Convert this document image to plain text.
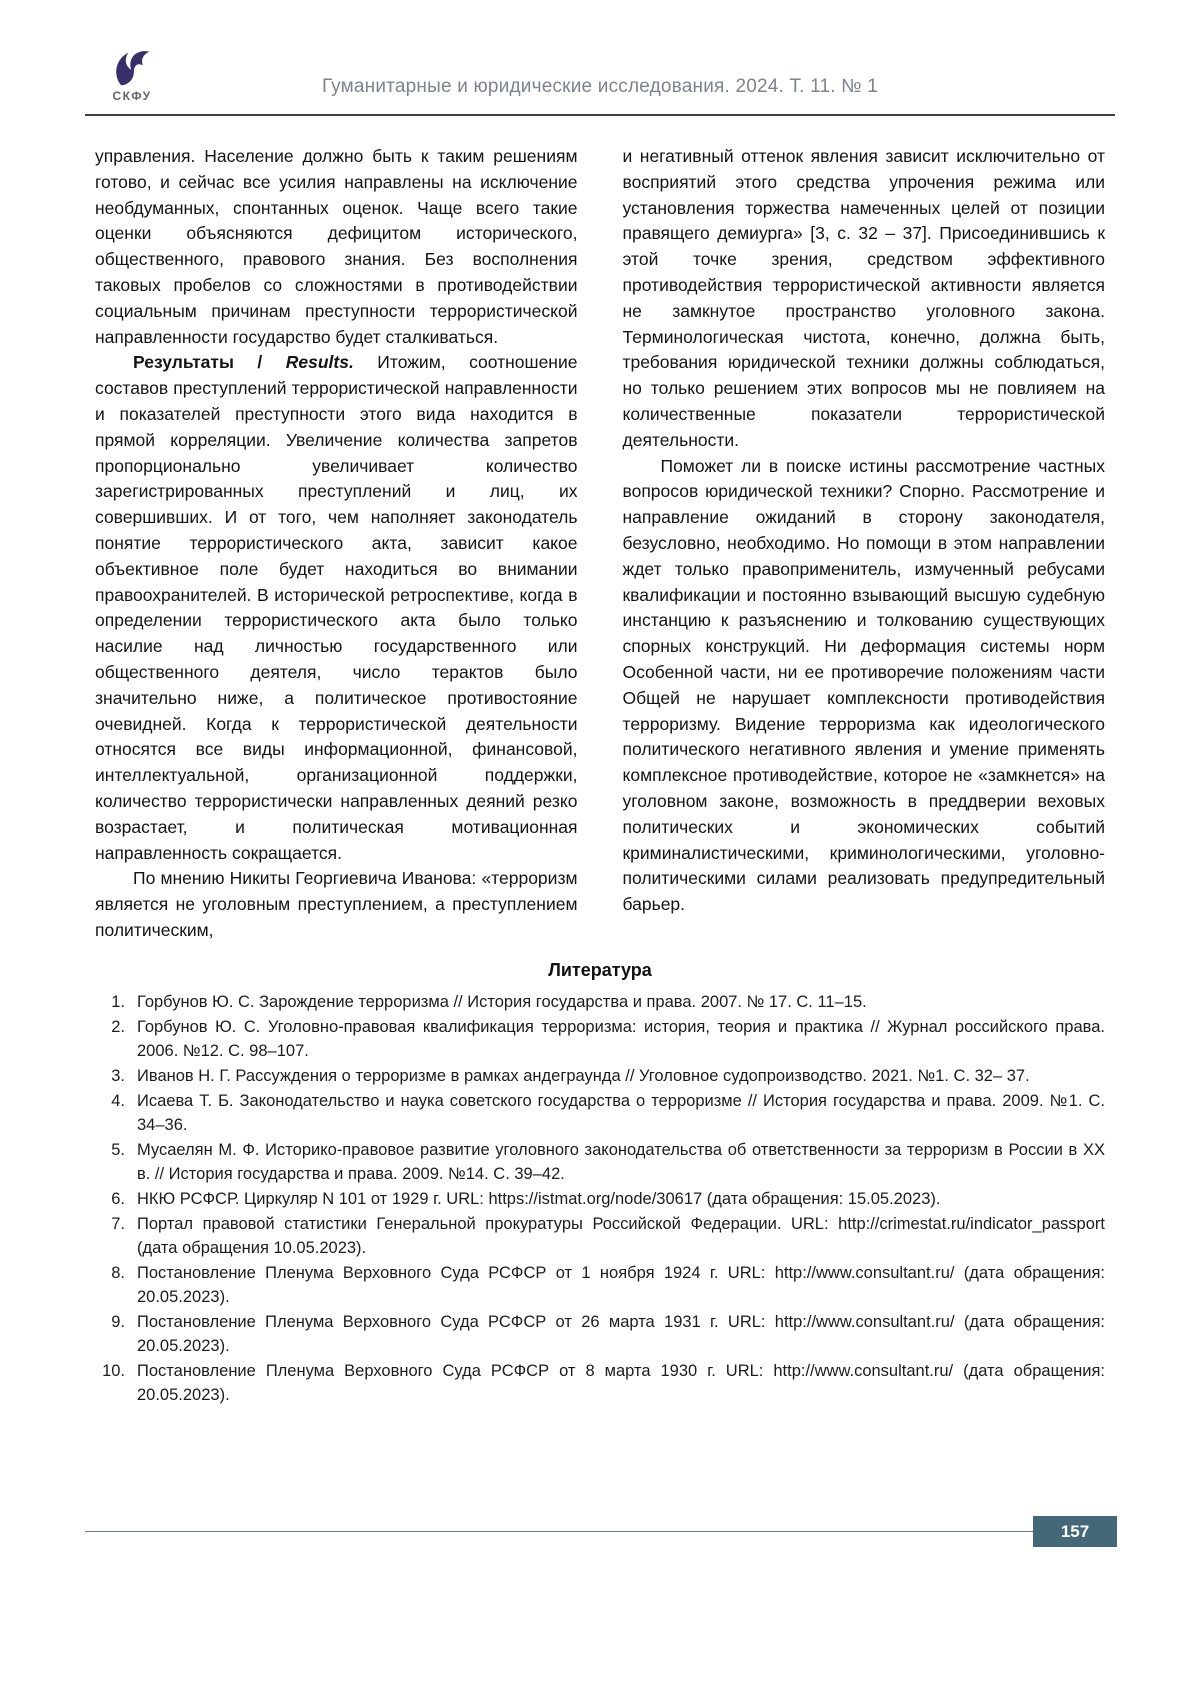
СКФУ	Гуманитарные и юридические исследования. 2024. Т. 11. № 1

управления. Население должно быть к таким решениям готово, и сейчас все усилия направлены на исключение необдуманных, спонтанных оценок. Чаще всего такие оценки объясняются дефицитом исторического, общественного, правового знания. Без восполнения таковых пробелов со сложностями в противодействии социальным причинам преступности террористической направленности государство будет сталкиваться.

Результаты / Results. Итожим, соотношение составов преступлений террористической направленности и показателей преступности этого вида находится в прямой корреляции. Увеличение количества запретов пропорционально увеличивает количество зарегистрированных преступлений и лиц, их совершивших. И от того, чем наполняет законодатель понятие террористического акта, зависит какое объективное поле будет находиться во внимании правоохранителей. В исторической ретроспективе, когда в определении террористического акта было только насилие над личностью государственного или общественного деятеля, число терактов было значительно ниже, а политическое противостояние очевидней. Когда к террористической деятельности относятся все виды информационной, финансовой, интеллектуальной, организационной поддержки, количество террористически направленных деяний резко возрастает, и политическая мотивационная направленность сокращается.

По мнению Никиты Георгиевича Иванова: «терроризм является не уголовным преступлением, а преступлением политическим,

и негативный оттенок явления зависит исключительно от восприятий этого средства упрочения режима или установления торжества намеченных целей от позиции правящего демиурга» [3, с. 32 – 37]. Присоединившись к этой точке зрения, средством эффективного противодействия террористической активности является не замкнутое пространство уголовного закона. Терминологическая чистота, конечно, должна быть, требования юридической техники должны соблюдаться, но только решением этих вопросов мы не повлияем на количественные показатели террористической деятельности.

Поможет ли в поиске истины рассмотрение частных вопросов юридической техники? Спорно. Рассмотрение и направление ожиданий в сторону законодателя, безусловно, необходимо. Но помощи в этом направлении ждет только правоприменитель, измученный ребусами квалификации и постоянно взывающий высшую судебную инстанцию к разъяснению и толкованию существующих спорных конструкций. Ни деформация системы норм Особенной части, ни ее противоречие положениям части Общей не нарушает комплексности противодействия терроризму. Видение терроризма как идеологического политического негативного явления и умение применять комплексное противодействие, которое не «замкнется» на уголовном законе, возможность в преддверии веховых политических и экономических событий криминалистическими, криминологическими, уголовно-политическими силами реализовать предупредительный барьер.

Литература
1. Горбунов Ю. С. Зарождение терроризма // История государства и права. 2007. № 17. С. 11–15.
2. Горбунов Ю. С. Уголовно-правовая квалификация терроризма: история, теория и практика // Журнал российского права. 2006. №12. С. 98–107.
3. Иванов Н. Г. Рассуждения о терроризме в рамках андеграунда // Уголовное судопроизводство. 2021. №1. С. 32– 37.
4. Исаева Т. Б. Законодательство и наука советского государства о терроризме // История государства и права. 2009. №1. С. 34–36.
5. Мусаелян М. Ф. Историко-правовое развитие уголовного законодательства об ответственности за терроризм в России в XX в. // История государства и права. 2009. №14. С. 39–42.
6. НКЮ РСФСР. Циркуляр N 101 от 1929 г. URL: https://istmat.org/node/30617 (дата обращения: 15.05.2023).
7. Портал правовой статистики Генеральной прокуратуры Российской Федерации. URL: http://crimestat.ru/indicator_passport (дата обращения 10.05.2023).
8. Постановление Пленума Верховного Суда РСФСР от 1 ноября 1924 г. URL: http://www.consultant.ru/ (дата обращения: 20.05.2023).
9. Постановление Пленума Верховного Суда РСФСР от 26 марта 1931 г. URL: http://www.consultant.ru/ (дата обращения: 20.05.2023).
10. Постановление Пленума Верховного Суда РСФСР от 8 марта 1930 г. URL: http://www.consultant.ru/ (дата обращения: 20.05.2023).
157
